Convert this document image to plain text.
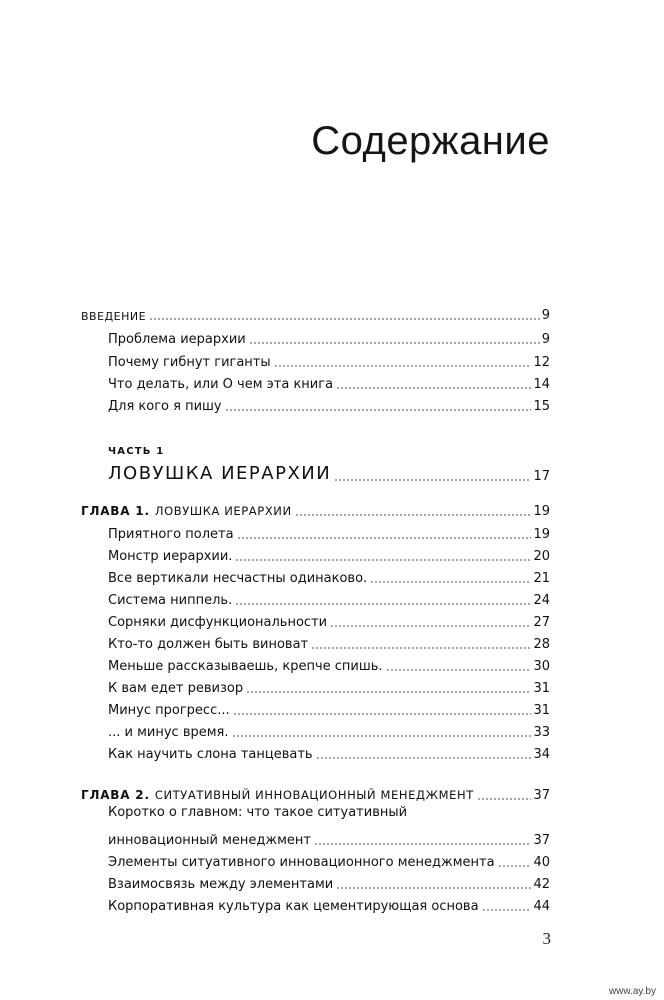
Содержание
ВВЕДЕНИЕ	9
Проблема иерархии	9
Почему гибнут гиганты	12
Что делать, или О чем эта книга	14
Для кого я пишу	15
ЧАСТЬ 1
ЛОВУШКА ИЕРАРХИИ	17
ГЛАВА 1. ЛОВУШКА ИЕРАРХИИ	19
Приятного полета	19
Монстр иерархии.	20
Все вертикали несчастны одинаково.	21
Система ниппель.	24
Сорняки дисфункциональности	27
Кто-то должен быть виноват	28
Меньше рассказываешь, крепче спишь.	30
К вам едет ревизор	31
Минус прогресс...	31
... и минус время.	33
Как научить слона танцевать	34
ГЛАВА 2. СИТУАТИВНЫЙ ИННОВАЦИОННЫЙ МЕНЕДЖМЕНТ	37
Коротко о главном: что такое ситуативный
инновационный менеджмент	37
Элементы ситуативного инновационного менеджмента	40
Взаимосвязь между элементами	42
Корпоративная культура как цементирующая основа	44
3
www.ay.by
